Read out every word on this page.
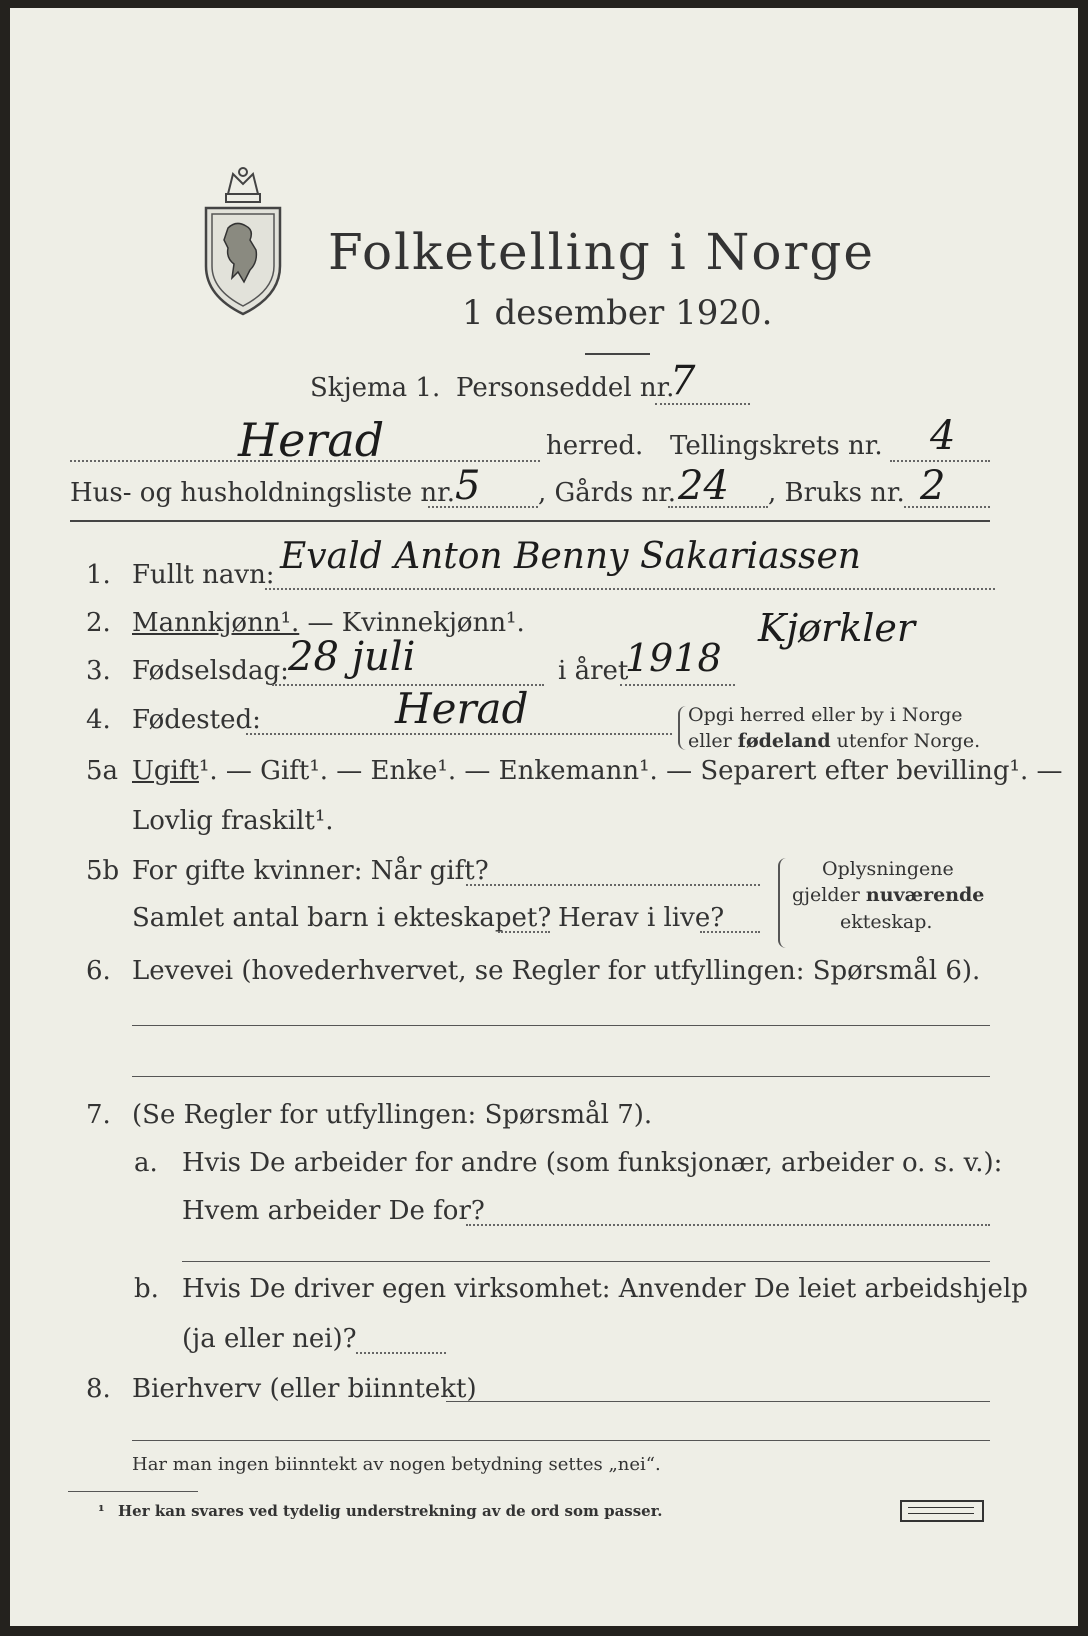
Folketelling i Norge
1 desember 1920.
Skjema 1. Personseddel nr.
7
Herad	herred. Tellingskrets nr. 4
Hus- og husholdningsliste nr. 5 , Gårds nr. 24 , Bruks nr. 2
1. Fullt navn: Evald Anton Benny Sakariassen
Kjørkler
2. Mannkjønn¹. — Kvinnekjønn¹.
3. Fødselsdag: 28 juli	i året
1918
4. Fødested:	Herad	Opgi herred eller by i Norge
eller fødeland utenfor Norge.
5a Ugift¹. — Gift¹. — Enke¹. — Enkemann¹. — Separert efter bevilling¹. —
Lovlig fraskilt¹.
5b For gifte kvinner: Når gift?
Samlet antal barn i ekteskapet? Herav i live?
Oplysningene
gjelder nuværende
ekteskap.
6. Levevei (hovederhvervet, se Regler for utfyllingen: Spørsmål 6).
7. (Se Regler for utfyllingen: Spørsmål 7).
a. Hvis De arbeider for andre (som funksjonær, arbeider o. s. v.):
Hvem arbeider De for?
b. Hvis De driver egen virksomhet: Anvender De leiet arbeidshjelp
(ja eller nei)?
8. Bierhverv (eller biinntekt)
Har man ingen biinntekt av nogen betydning settes „nei“.
¹ Her kan svares ved tydelig understrekning av de ord som passer.
